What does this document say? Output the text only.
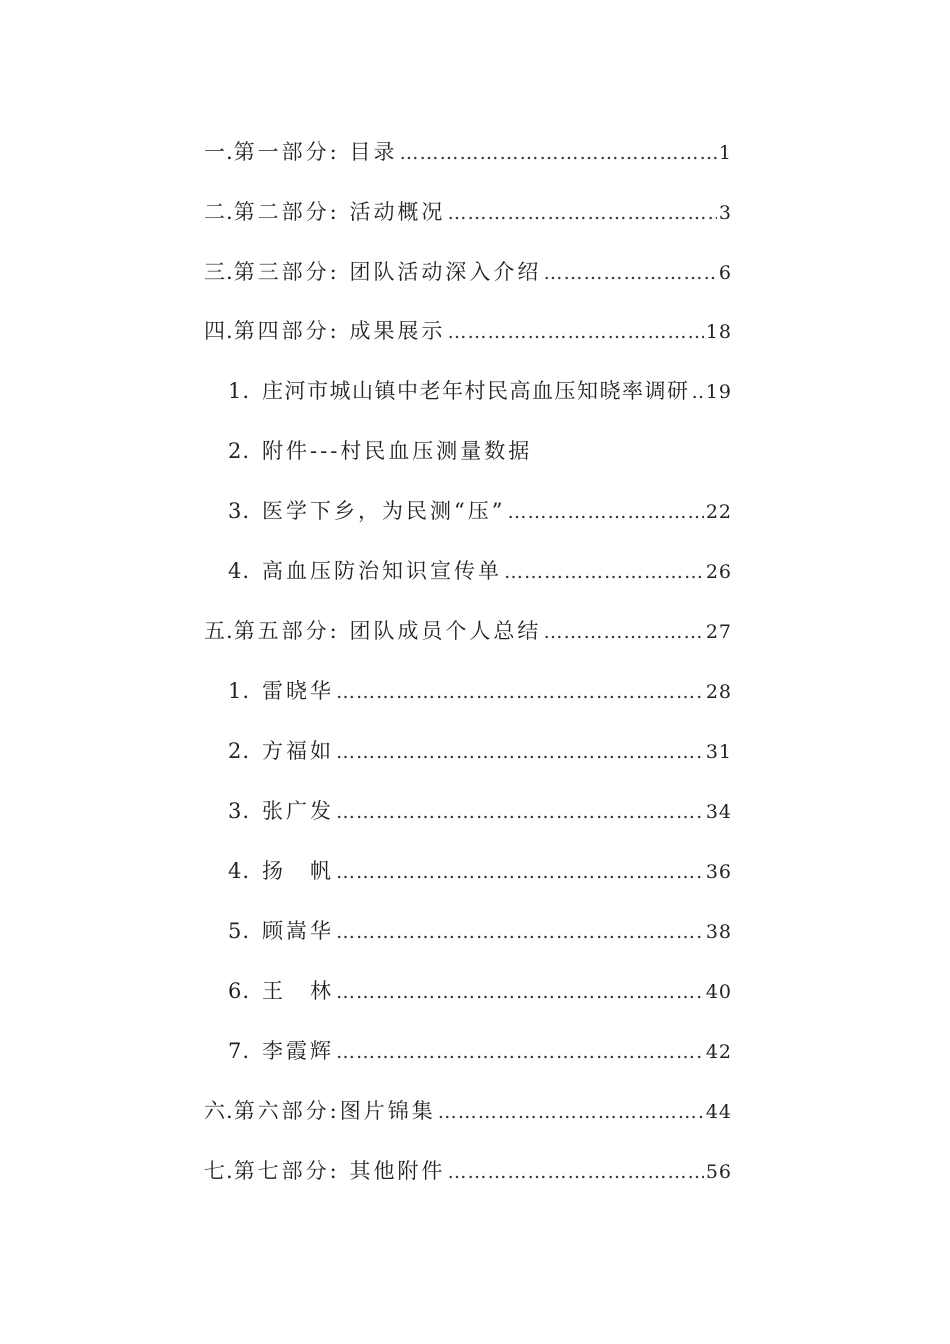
一. 第一部分: 目录 ………………………………………………………………………………………………………………	1
二. 第二部分: 活动概况 ………………………………………………………………………………………………………………	3
三. 第三部分: 团队活动深入介绍 ………………………………………………………………………………………………………………	6
四. 第四部分: 成果展示 ………………………………………………………………………………………………………………	18
1. 庄河市城山镇中老年村民高血压知晓率调研 ……………………………………………………………………………………………………………… 19
2. 附件---村民血压测量数据
3. 医学下乡，为民测“压” ………………………………………………………………………………………………………………	22
4. 高血压防治知识宣传单 ………………………………………………………………………………………………………………	26
五. 第五部分: 团队成员个人总结 ………………………………………………………………………………………………………………	27
1. 雷晓华 ………………………………………………………………………………………………………………	28
2. 方福如 ………………………………………………………………………………………………………………	31
3. 张广发 ………………………………………………………………………………………………………………	34
4. 扬　帆 ………………………………………………………………………………………………………………	36
5. 顾嵩华 ………………………………………………………………………………………………………………	38
6. 王　林 ………………………………………………………………………………………………………………	40
7. 李霞辉 ………………………………………………………………………………………………………………	42
六. 第六部分:图片锦集 ………………………………………………………………………………………………………………	44
七. 第七部分: 其他附件 ………………………………………………………………………………………………………………	56
